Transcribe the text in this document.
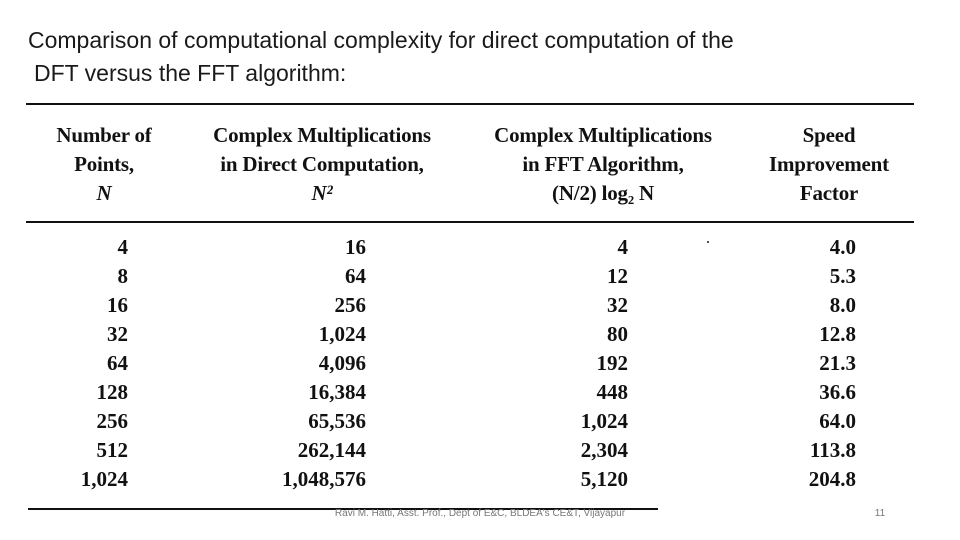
Comparison of computational complexity for direct computation of the
DFT versus the FFT algorithm:
Number of
Points,
N
Complex Multiplications
in Direct Computation,
N²
Complex Multiplications
in FFT Algorithm,
(N/2) log₂ N
Speed
Improvement
Factor
4
8
16
32
64
128
256
512
1,024
16
64
256
1,024
4,096
16,384
65,536
262,144
1,048,576
4
12
32
80
192
448
1,024
2,304
5,120
4.0
5.3
8.0
12.8
21.3
36.6
64.0
113.8
204.8
Ravi M. Hatti, Asst. Prof., Dept of E&C, BLDEA's CE&T, Vijayapur	11
